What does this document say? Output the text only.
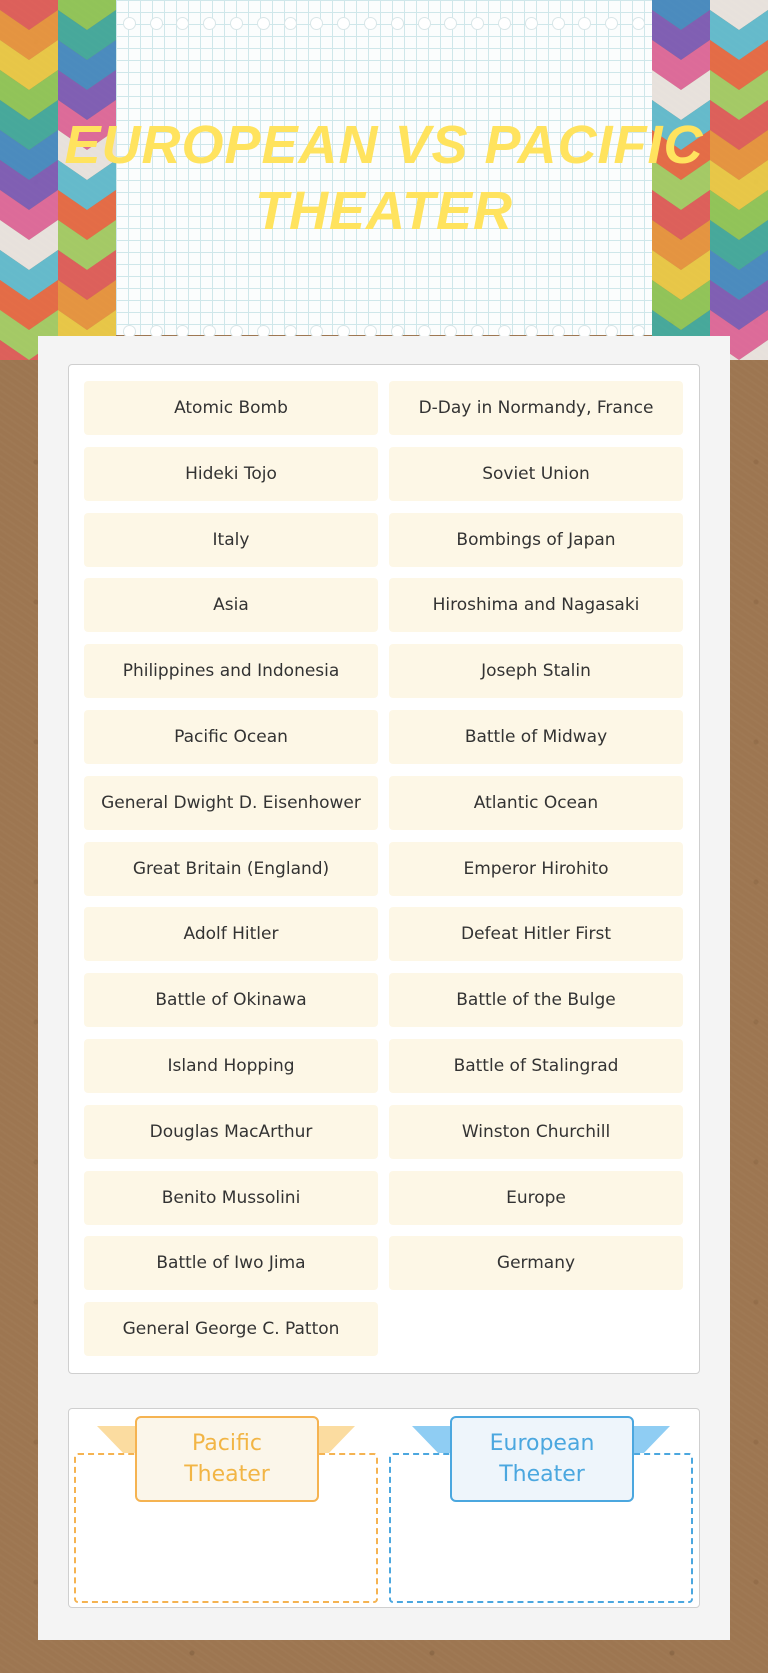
EUROPEAN VS PACIFIC
THEATER
Atomic Bomb	D-Day in Normandy, France
Hideki Tojo	Soviet Union
Italy	Bombings of Japan
Asia	Hiroshima and Nagasaki
Philippines and Indonesia	Joseph Stalin
Pacific Ocean	Battle of Midway
General Dwight D. Eisenhower	Atlantic Ocean
Great Britain (England)	Emperor Hirohito
Adolf Hitler	Defeat Hitler First
Battle of Okinawa	Battle of the Bulge
Island Hopping	Battle of Stalingrad
Douglas MacArthur	Winston Churchill
Benito Mussolini	Europe
Battle of Iwo Jima	Germany
General George C. Patton
Pacific
Theater
European
Theater
